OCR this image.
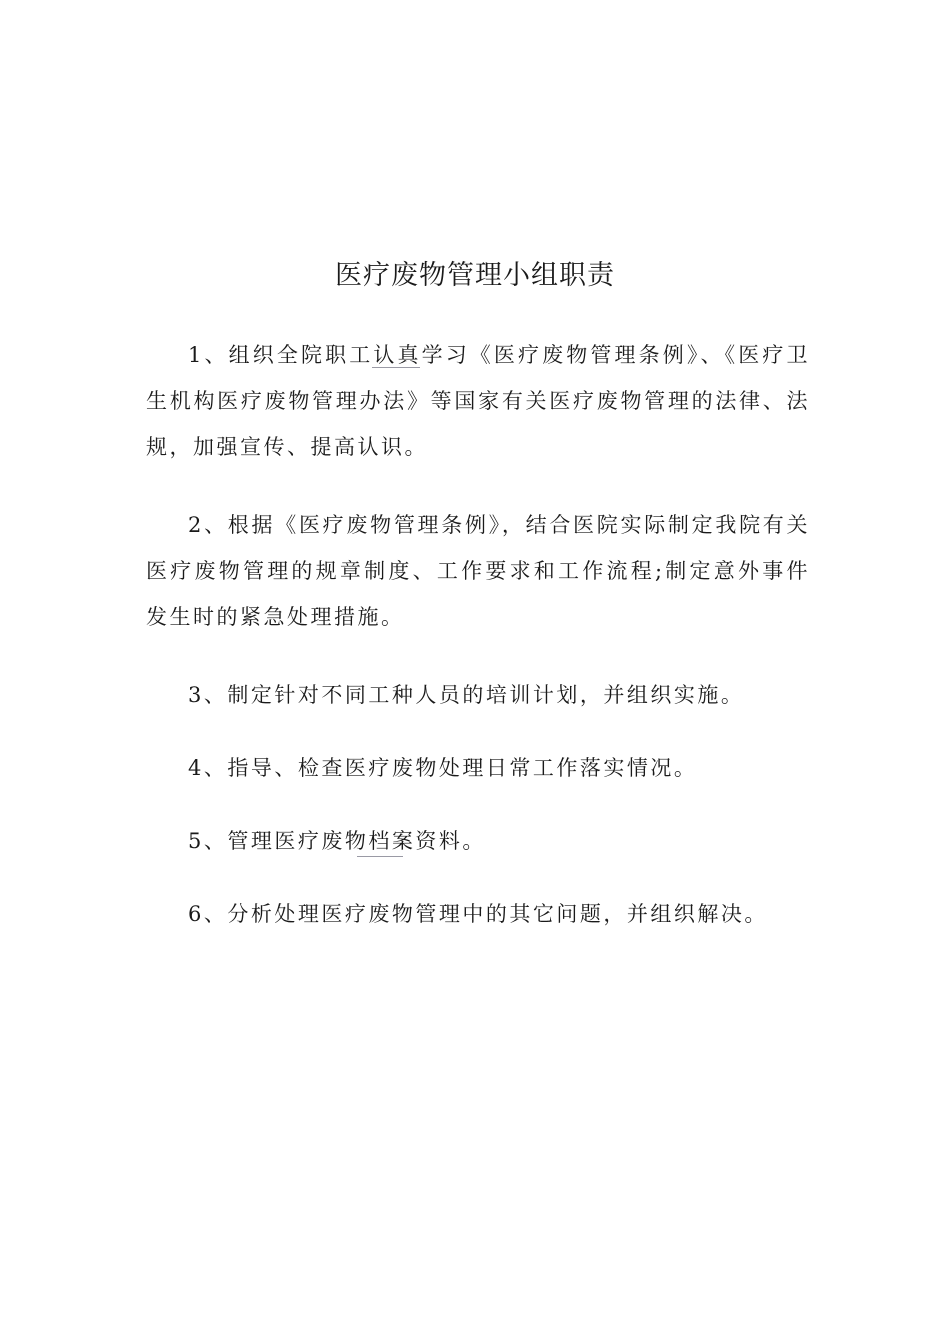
医疗废物管理小组职责

1、组织全院职工认真学习《医疗废物管理条例》、《医疗卫生机构医疗废物管理办法》等国家有关医疗废物管理的法律、法规，加强宣传、提高认识。

2、根据《医疗废物管理条例》，结合医院实际制定我院有关医疗废物管理的规章制度、工作要求和工作流程;制定意外事件发生时的紧急处理措施。

3、制定针对不同工种人员的培训计划，并组织实施。

4、指导、检查医疗废物处理日常工作落实情况。

5、管理医疗废物档案资料。

6、分析处理医疗废物管理中的其它问题，并组织解决。
